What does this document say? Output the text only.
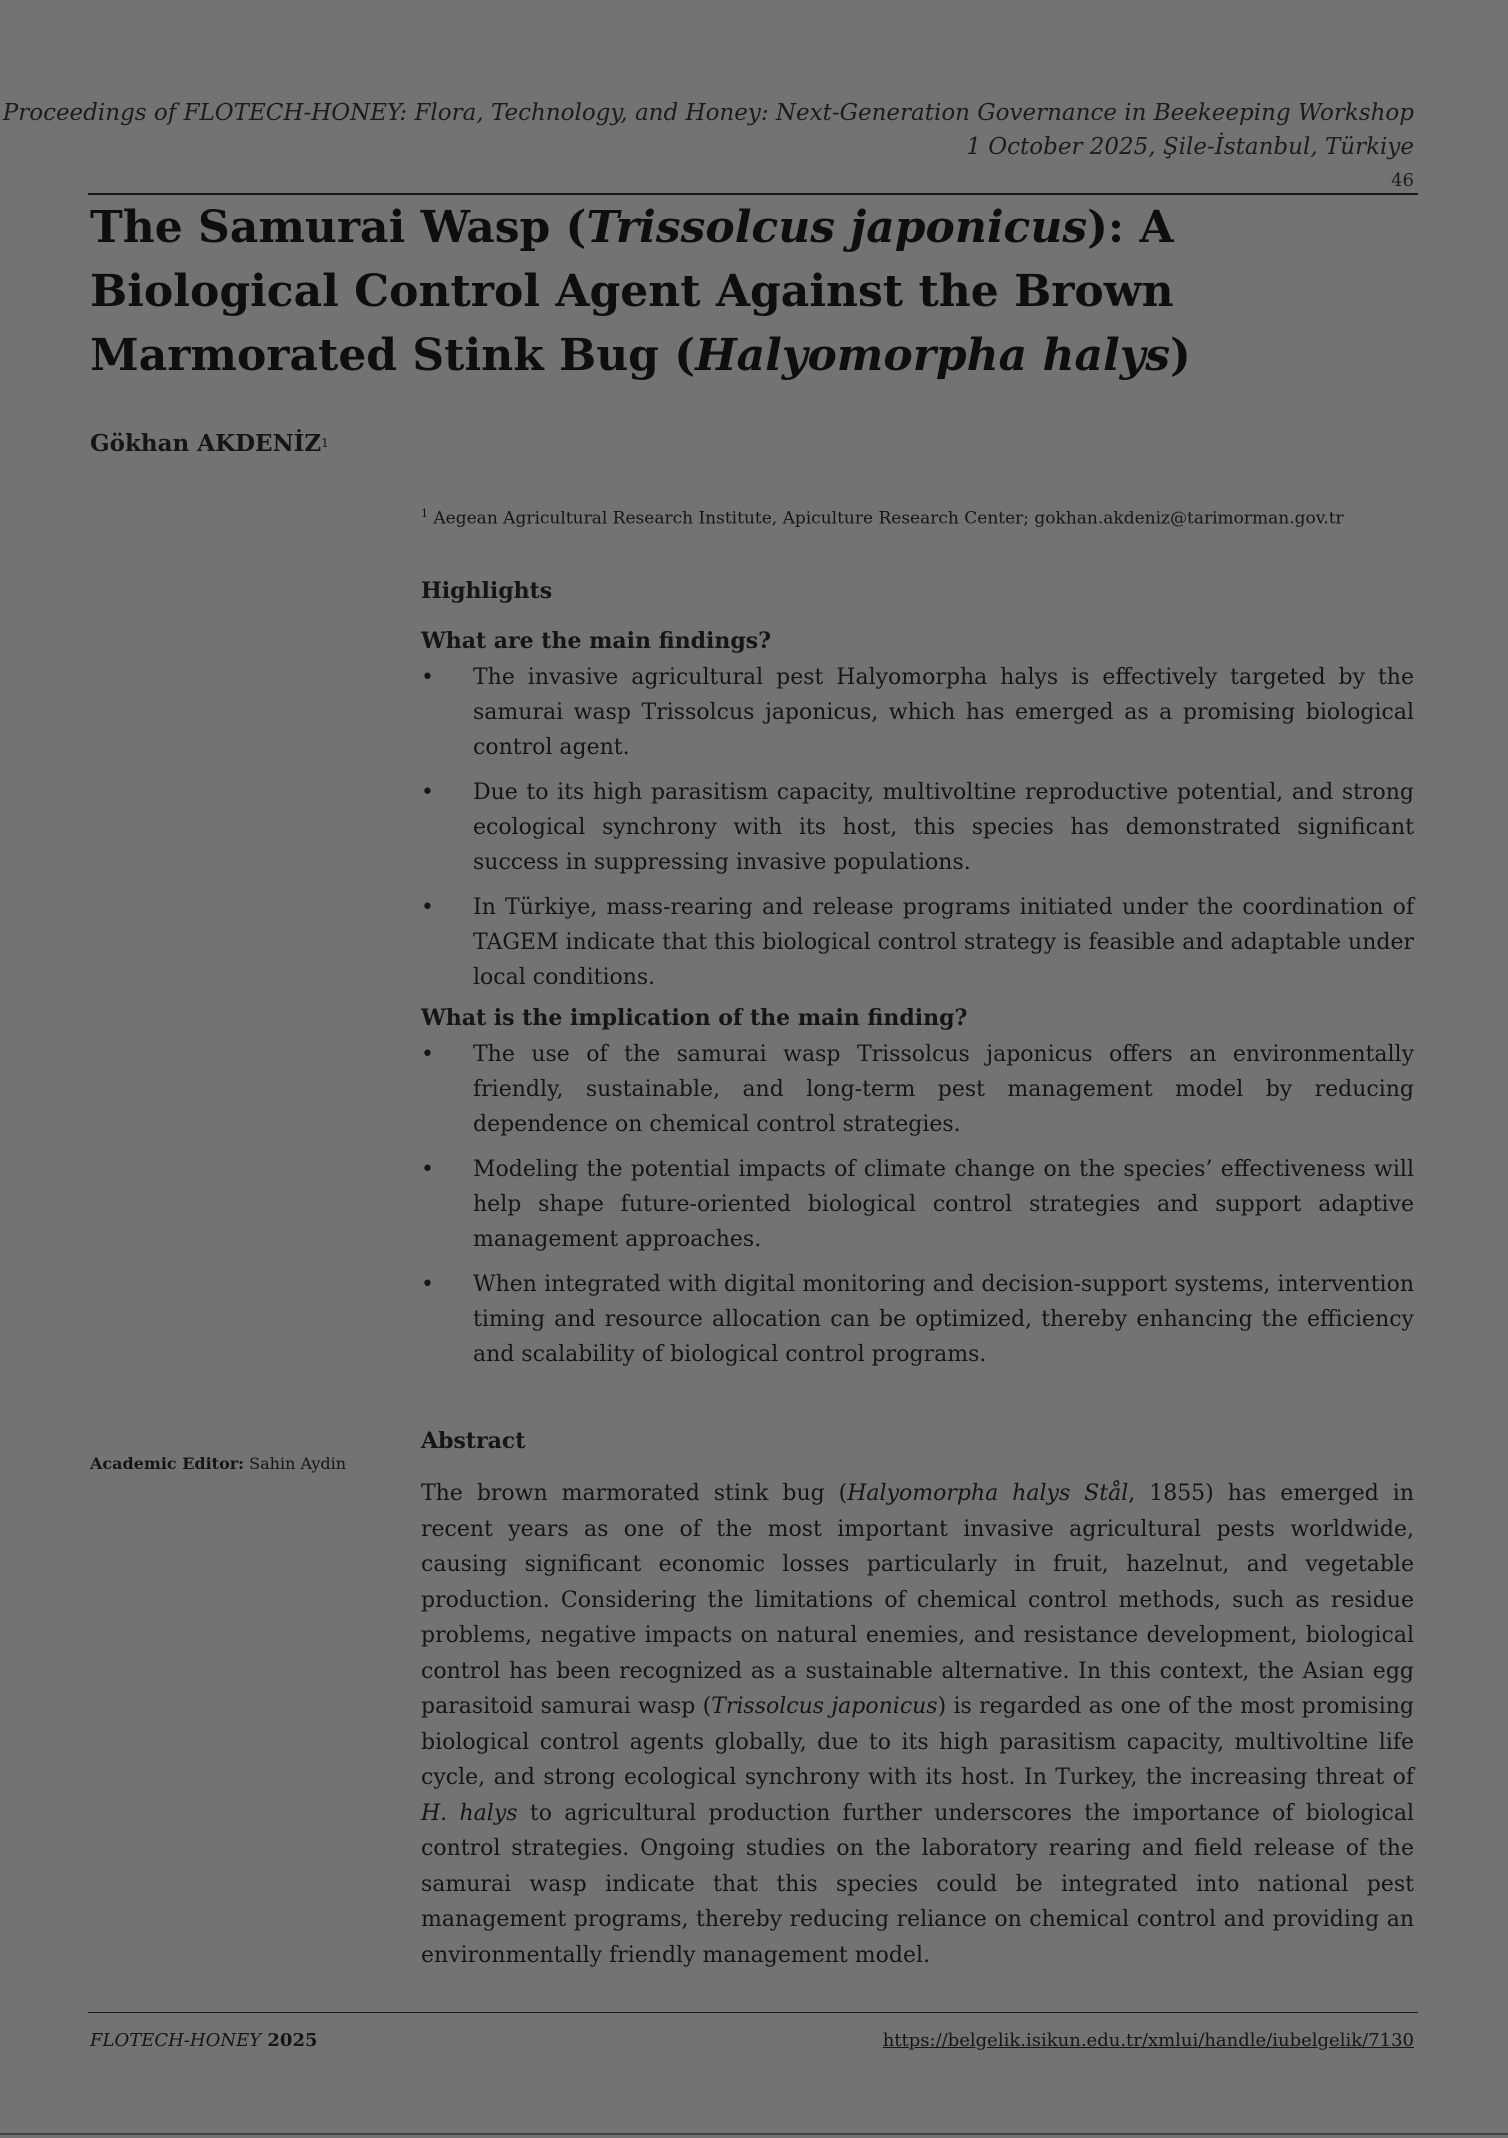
Proceedings of FLOTECH-HONEY: Flora, Technology, and Honey: Next-Generation Governance in Beekeeping Workshop
1 October 2025, Şile-İstanbul, Türkiye
46
The Samurai Wasp (Trissolcus japonicus): A Biological Control Agent Against the Brown Marmorated Stink Bug (Halyomorpha halys)
Gökhan AKDENİZ$^1$
$^1$ Aegean Agricultural Research Institute, Apiculture Research Center; gokhan.akdeniz@tarimorman.gov.tr
Highlights
What are the main findings?
• The invasive agricultural pest Halyomorpha halys is effectively targeted by the samurai wasp Trissolcus japonicus, which has emerged as a promising biological control agent.
• Due to its high parasitism capacity, multivoltine reproductive potential, and strong ecological synchrony with its host, this species has demonstrated significant success in suppressing invasive populations.
• In Türkiye, mass-rearing and release programs initiated under the coordination of TAGEM indicate that this biological control strategy is feasible and adaptable under local conditions.
What is the implication of the main finding?
• The use of the samurai wasp Trissolcus japonicus offers an environmentally friendly, sustainable, and long-term pest management model by reducing dependence on chemical control strategies.
• Modeling the potential impacts of climate change on the species’ effectiveness will help shape future-oriented biological control strategies and support adaptive management approaches.
• When integrated with digital monitoring and decision-support systems, intervention timing and resource allocation can be optimized, thereby enhancing the efficiency and scalability of biological control programs.
Academic Editor: Sahin Aydin
Abstract
The brown marmorated stink bug (Halyomorpha halys Stål, 1855) has emerged in recent years as one of the most important invasive agricultural pests worldwide, causing significant economic losses particularly in fruit, hazelnut, and vegetable production. Considering the limitations of chemical control methods, such as residue problems, negative impacts on natural enemies, and resistance development, biological control has been recognized as a sustainable alternative. In this context, the Asian egg parasitoid samurai wasp (Trissolcus japonicus) is regarded as one of the most promising biological control agents globally, due to its high parasitism capacity, multivoltine life cycle, and strong ecological synchrony with its host. In Turkey, the increasing threat of H. halys to agricultural production further underscores the importance of biological control strategies. Ongoing studies on the laboratory rearing and field release of the samurai wasp indicate that this species could be integrated into national pest management programs, thereby reducing reliance on chemical control and providing an environmentally friendly management model.
FLOTECH-HONEY 2025	https://belgelik.isikun.edu.tr/xmlui/handle/iubelgelik/7130
